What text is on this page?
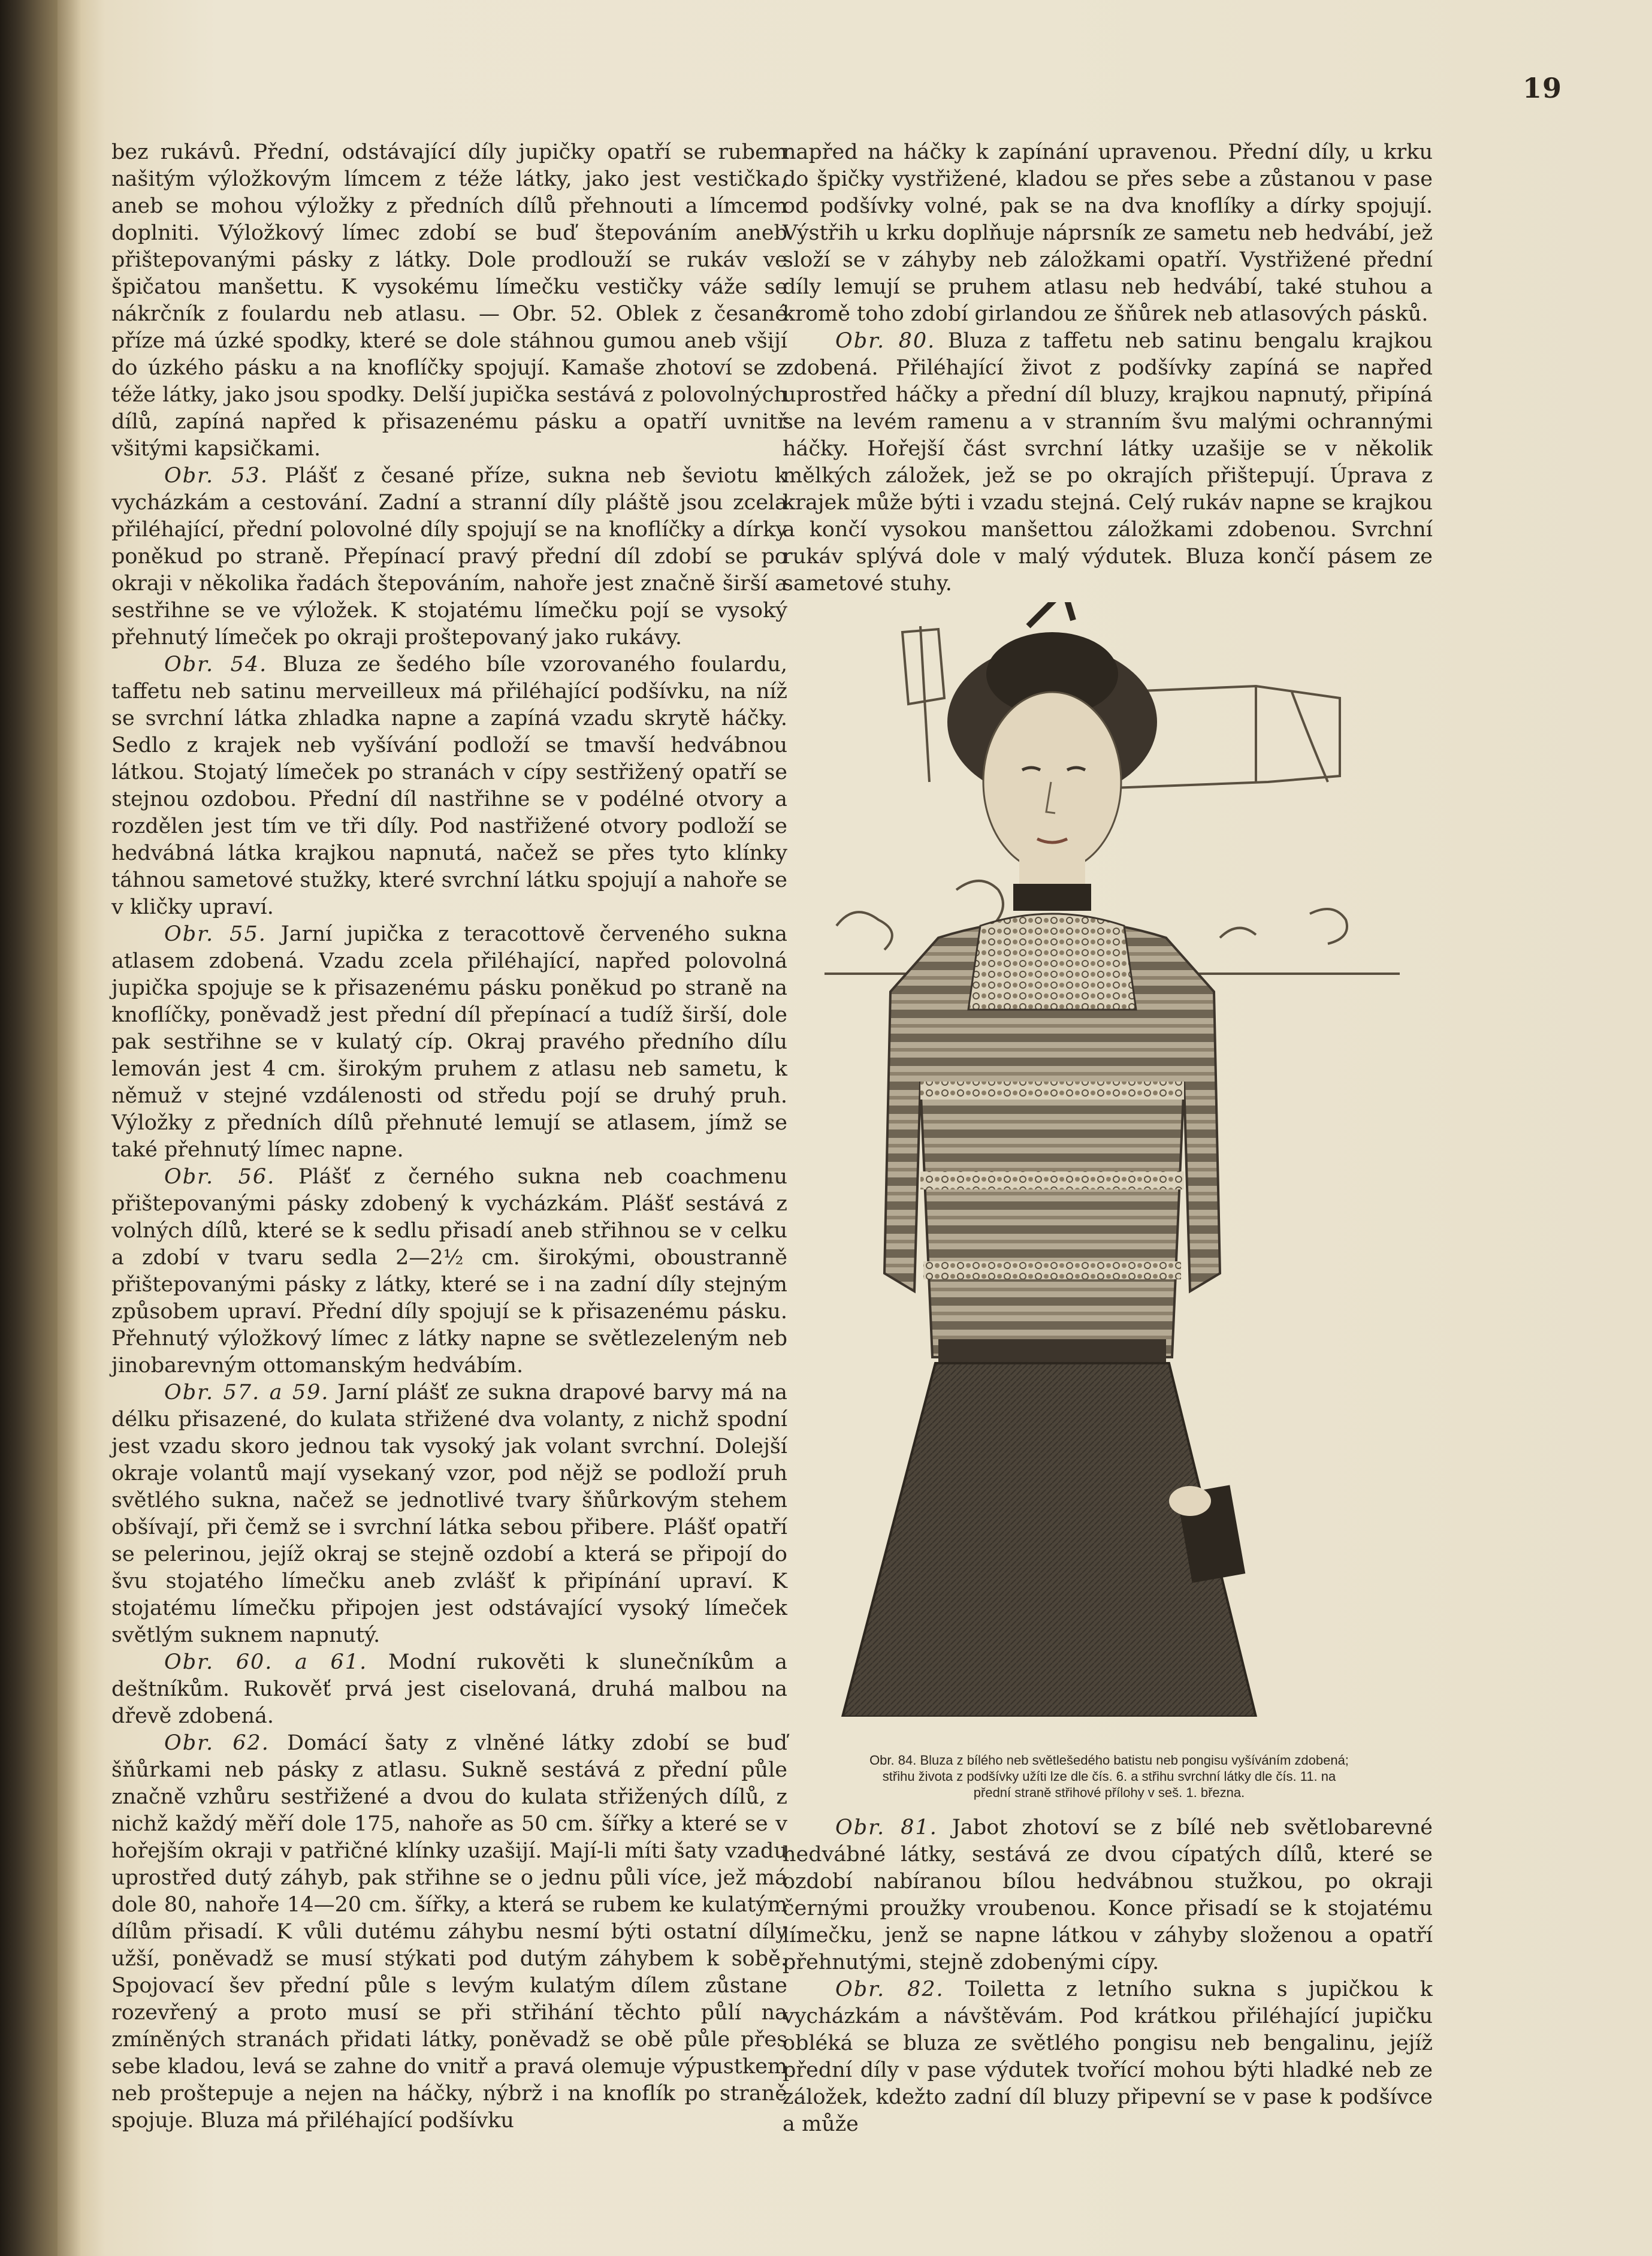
19

bez rukávů. Přední, odstávající díly jupičky opatří se rubem našitým výložkovým límcem z téže látky, jako jest vestička, aneb se mohou výložky z předních dílů přehnouti a límcem doplniti. Výložkový límec zdobí se buď štepováním aneb přištepovanými pásky z látky. Dole prodlouží se rukáv ve špičatou manšettu. K vysokému límečku vestičky váže se nákrčník z foulardu neb atlasu. — Obr. 52. Oblek z česané příze má úzké spodky, které se dole stáhnou gumou aneb všijí do úzkého pásku a na knoflíčky spojují. Kamaše zhotoví se z téže látky, jako jsou spodky. Delší jupička sestává z polovolných dílů, zapíná napřed k přisazenému pásku a opatří uvnitř všitými kapsičkami.

Obr. 53. Plášť z česané příze, sukna neb ševiotu k vycházkám a cestování. Zadní a stranní díly pláště jsou zcela přiléhající, přední polovolné díly spojují se na knoflíčky a dírky poněkud po straně. Přepínací pravý přední díl zdobí se po okraji v několika řadách štepováním, nahoře jest značně širší a sestřihne se ve výložek. K stojatému límečku pojí se vysoký přehnutý límeček po okraji proštepovaný jako rukávy.

Obr. 54. Bluza ze šedého bíle vzorovaného foulardu, taffetu neb satinu merveilleux má přiléhající podšívku, na níž se svrchní látka zhladka napne a zapíná vzadu skrytě háčky. Sedlo z krajek neb vyšívání podloží se tmavší hedvábnou látkou. Stojatý límeček po stranách v cípy sestřižený opatří se stejnou ozdobou. Přední díl nastřihne se v podélné otvory a rozdělen jest tím ve tři díly. Pod nastřižené otvory podloží se hedvábná látka krajkou napnutá, načež se přes tyto klínky táhnou sametové stužky, které svrchní látku spojují a nahoře se v kličky upraví.

Obr. 55. Jarní jupička z teracottově červeného sukna atlasem zdobená. Vzadu zcela přiléhající, napřed polovolná jupička spojuje se k přisazenému pásku poněkud po straně na knoflíčky, poněvadž jest přední díl přepínací a tudíž širší, dole pak sestřihne se v kulatý cíp. Okraj pravého předního dílu lemován jest 4 cm. širokým pruhem z atlasu neb sametu, k němuž v stejné vzdálenosti od středu pojí se druhý pruh. Výložky z předních dílů přehnuté lemují se atlasem, jímž se také přehnutý límec napne.

Obr. 56. Plášť z černého sukna neb coachmenu přištepovanými pásky zdobený k vycházkám. Plášť sestává z volných dílů, které se k sedlu přisadí aneb střihnou se v celku a zdobí v tvaru sedla 2—2½ cm. širokými, oboustranně přištepovanými pásky z látky, které se i na zadní díly stejným způsobem upraví. Přední díly spojují se k přisazenému pásku. Přehnutý výložkový límec z látky napne se světlezeleným neb jinobarevným ottomanským hedvábím.

Obr. 57. a 59. Jarní plášť ze sukna drapové barvy má na délku přisazené, do kulata střižené dva volanty, z nichž spodní jest vzadu skoro jednou tak vysoký jak volant svrchní. Dolejší okraje volantů mají vysekaný vzor, pod nějž se podloží pruh světlého sukna, načež se jednotlivé tvary šňůrkovým stehem obšívají, při čemž se i svrchní látka sebou přibere. Plášť opatří se pelerinou, jejíž okraj se stejně ozdobí a která se připojí do švu stojatého límečku aneb zvlášť k připínání upraví. K stojatému límečku připojen jest odstávající vysoký límeček světlým suknem napnutý.

Obr. 60. a 61. Modní rukověti k slunečníkům a deštníkům. Rukověť prvá jest ciselovaná, druhá malbou na dřevě zdobená.

Obr. 62. Domácí šaty z vlněné látky zdobí se buď šňůrkami neb pásky z atlasu. Sukně sestává z přední půle značně vzhůru sestřižené a dvou do kulata střižených dílů, z nichž každý měří dole 175, nahoře as 50 cm. šířky a které se v hořejším okraji v patřičné klínky uzašijí. Mají-li míti šaty vzadu uprostřed dutý záhyb, pak střihne se o jednu půli více, jež má dole 80, nahoře 14—20 cm. šířky, a která se rubem ke kulatým dílům přisadí. K vůli dutému záhybu nesmí býti ostatní díly užší, poněvadž se musí stýkati pod dutým záhybem k sobě. Spojovací šev přední půle s levým kulatým dílem zůstane rozevřený a proto musí se při střihání těchto půlí na zmíněných stranách přidati látky, poněvadž se obě půle přes sebe kladou, levá se zahne do vnitř a pravá olemuje výpustkem neb proštepuje a nejen na háčky, nýbrž i na knoflík po straně spojuje. Bluza má přiléhající podšívku

napřed na háčky k zapínání upravenou. Přední díly, u krku do špičky vystřižené, kladou se přes sebe a zůstanou v pase od podšívky volné, pak se na dva knoflíky a dírky spojují. Výstřih u krku doplňuje náprsník ze sametu neb hedvábí, jež složí se v záhyby neb záložkami opatří. Vystřižené přední díly lemují se pruhem atlasu neb hedvábí, také stuhou a kromě toho zdobí girlandou ze šňůrek neb atlasových pásků.

Obr. 80. Bluza z taffetu neb satinu bengalu krajkou zdobená. Přiléhající život z podšívky zapíná se napřed uprostřed háčky a přední díl bluzy, krajkou napnutý, připíná se na levém ramenu a v stranním švu malými ochrannými háčky. Hořejší část svrchní látky uzašije se v několik mělkých záložek, jež se po okrajích přištepují. Úprava z krajek může býti i vzadu stejná. Celý rukáv napne se krajkou a končí vysokou manšettou záložkami zdobenou. Svrchní rukáv splývá dole v malý výdutek. Bluza končí pásem ze sametové stuhy.

Obr. 84. Bluza z bílého neb světlešedého batistu neb pongisu vyšíváním zdobená;
střihu života z podšívky užíti lze dle čís. 6. a střihu svrchní látky dle čís. 11. na
přední straně střihové přílohy v seš. 1. března.

Obr. 81. Jabot zhotoví se z bílé neb světlobarevné hedvábné látky, sestává ze dvou cípatých dílů, které se ozdobí nabíranou bílou hedvábnou stužkou, po okraji černými proužky vroubenou. Konce přisadí se k stojatému límečku, jenž se napne látkou v záhyby složenou a opatří přehnutými, stejně zdobenými cípy.

Obr. 82. Toiletta z letního sukna s jupičkou k vycházkám a návštěvám. Pod krátkou přiléhající jupičku obléká se bluza ze světlého pongisu neb bengalinu, jejíž přední díly v pase výdutek tvořící mohou býti hladké neb ze záložek, kdežto zadní díl bluzy připevní se v pase k podšívce a může
